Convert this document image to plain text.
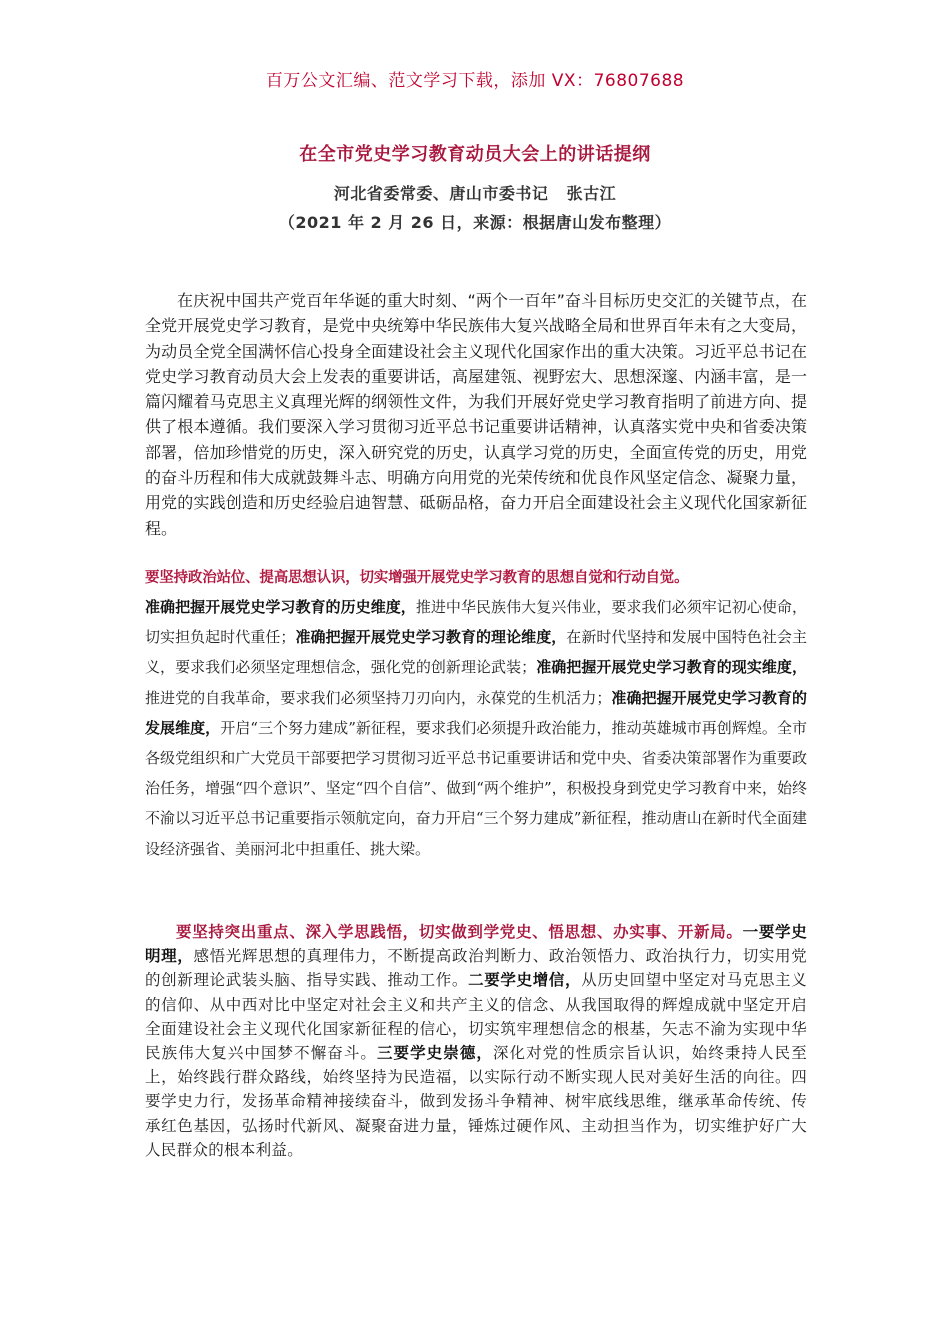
百万公文汇编、范文学习下载，添加 VX：76807688
在全市党史学习教育动员大会上的讲话提纲
河北省委常委、唐山市委书记   张古江
（2021 年 2 月 26 日，来源：根据唐山发布整理）

在庆祝中国共产党百年华诞的重大时刻、“两个一百年”奋斗目标历史交汇的关键节点，在全党开展党史学习教育，是党中央统筹中华民族伟大复兴战略全局和世界百年未有之大变局，为动员全党全国满怀信心投身全面建设社会主义现代化国家作出的重大决策。习近平总书记在党史学习教育动员大会上发表的重要讲话，高屋建瓴、视野宏大、思想深邃、内涵丰富，是一篇闪耀着马克思主义真理光辉的纲领性文件，为我们开展好党史学习教育指明了前进方向、提供了根本遵循。我们要深入学习贯彻习近平总书记重要讲话精神，认真落实党中央和省委决策部署，倍加珍惜党的历史，深入研究党的历史，认真学习党的历史，全面宣传党的历史，用党的奋斗历程和伟大成就鼓舞斗志、明确方向用党的光荣传统和优良作风坚定信念、凝聚力量，用党的实践创造和历史经验启迪智慧、砥砺品格，奋力开启全面建设社会主义现代化国家新征程。

要坚持政治站位、提高思想认识，切实增强开展党史学习教育的思想自觉和行动自觉。

准确把握开展党史学习教育的历史维度，推进中华民族伟大复兴伟业，要求我们必须牢记初心使命，切实担负起时代重任；准确把握开展党史学习教育的理论维度，在新时代坚持和发展中国特色社会主义，要求我们必须坚定理想信念，强化党的创新理论武装；准确把握开展党史学习教育的现实维度，推进党的自我革命，要求我们必须坚持刀刃向内，永葆党的生机活力；准确把握开展党史学习教育的发展维度，开启“三个努力建成”新征程，要求我们必须提升政治能力，推动英雄城市再创辉煌。全市各级党组织和广大党员干部要把学习贯彻习近平总书记重要讲话和党中央、省委决策部署作为重要政治任务，增强“四个意识”、坚定“四个自信”、做到“两个维护”，积极投身到党史学习教育中来，始终不渝以习近平总书记重要指示领航定向，奋力开启“三个努力建成”新征程，推动唐山在新时代全面建设经济强省、美丽河北中担重任、挑大梁。

要坚持突出重点、深入学思践悟，切实做到学党史、悟思想、办实事、开新局。一要学史明理，感悟光辉思想的真理伟力，不断提高政治判断力、政治领悟力、政治执行力，切实用党的创新理论武装头脑、指导实践、推动工作。二要学史增信，从历史回望中坚定对马克思主义的信仰、从中西对比中坚定对社会主义和共产主义的信念、从我国取得的辉煌成就中坚定开启全面建设社会主义现代化国家新征程的信心，切实筑牢理想信念的根基，矢志不渝为实现中华民族伟大复兴中国梦不懈奋斗。三要学史崇德，深化对党的性质宗旨认识，始终秉持人民至上，始终践行群众路线，始终坚持为民造福，以实际行动不断实现人民对美好生活的向往。四要学史力行，发扬革命精神接续奋斗，做到发扬斗争精神、树牢底线思维，继承革命传统、传承红色基因，弘扬时代新风、凝聚奋进力量，锤炼过硬作风、主动担当作为，切实维护好广大人民群众的根本利益。
